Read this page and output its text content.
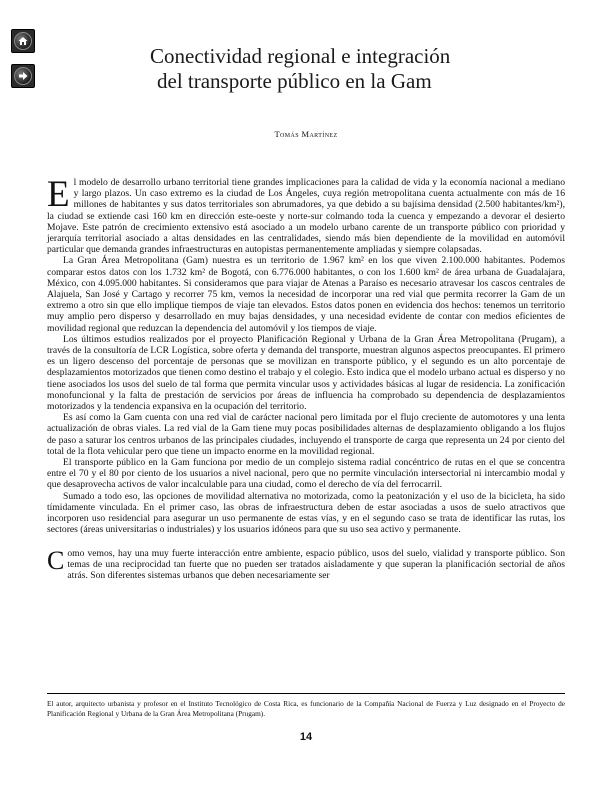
Conectividad regional e integración
del transporte público en la Gam
Tomás Martínez

El modelo de desarrollo urbano territorial tiene grandes implicaciones para la calidad de vida y la economía nacional a mediano y largo plazos. Un caso extremo es la ciudad de Los Ángeles, cuya región metropolitana cuenta actualmente con más de 16 millones de habitantes y sus datos territoriales son abrumadores, ya que debido a su bajísima densidad (2.500 habitantes/km²), la ciudad se extiende casi 160 km en dirección este-oeste y norte-sur colmando toda la cuenca y empezando a devorar el desierto Mojave. Este patrón de crecimiento extensivo está asociado a un modelo urbano carente de un transporte público con prioridad y jerarquía territorial asociado a altas densidades en las centralidades, siendo más bien dependiente de la movilidad en automóvil particular que demanda grandes infraestructuras en autopistas permanentemente ampliadas y siempre colapsadas.

La Gran Área Metropolitana (Gam) nuestra es un territorio de 1.967 km² en los que viven 2.100.000 habitantes. Podemos comparar estos datos con los 1.732 km² de Bogotá, con 6.776.000 habitantes, o con los 1.600 km² de área urbana de Guadalajara, México, con 4.095.000 habitantes. Si consideramos que para viajar de Atenas a Paraíso es necesario atravesar los cascos centrales de Alajuela, San José y Cartago y recorrer 75 km, vemos la necesidad de incorporar una red vial que permita recorrer la Gam de un extremo a otro sin que ello implique tiempos de viaje tan elevados. Estos datos ponen en evidencia dos hechos: tenemos un territorio muy amplio pero disperso y desarrollado en muy bajas densidades, y una necesidad evidente de contar con medios eficientes de movilidad regional que reduzcan la dependencia del automóvil y los tiempos de viaje.

Los últimos estudios realizados por el proyecto Planificación Regional y Urbana de la Gran Área Metropolitana (Prugam), a través de la consultoría de LCR Logística, sobre oferta y demanda del transporte, muestran algunos aspectos preocupantes. El primero es un ligero descenso del porcentaje de personas que se movilizan en transporte público, y el segundo es un alto porcentaje de desplazamientos motorizados que tienen como destino el trabajo y el colegio. Esto indica que el modelo urbano actual es disperso y no tiene asociados los usos del suelo de tal forma que permita vincular usos y actividades básicas al lugar de residencia. La zonificación monofuncional y la falta de prestación de servicios por áreas de influencia ha comprobado su dependencia de desplazamientos motorizados y la tendencia expansiva en la ocupación del territorio.

Es así como la Gam cuenta con una red vial de carácter nacional pero limitada por el flujo creciente de automotores y una lenta actualización de obras viales. La red vial de la Gam tiene muy pocas posibilidades alternas de desplazamiento obligando a los flujos de paso a saturar los centros urbanos de las principales ciudades, incluyendo el transporte de carga que representa un 24 por ciento del total de la flota vehicular pero que tiene un impacto enorme en la movilidad regional.

El transporte público en la Gam funciona por medio de un complejo sistema radial concéntrico de rutas en el que se concentra entre el 70 y el 80 por ciento de los usuarios a nivel nacional, pero que no permite vinculación intersectorial ni intercambio modal y que desaprovecha activos de valor incalculable para una ciudad, como el derecho de vía del ferrocarril.

Sumado a todo eso, las opciones de movilidad alternativa no motorizada, como la peatonización y el uso de la bicicleta, ha sido tímidamente vinculada. En el primer caso, las obras de infraestructura deben de estar asociadas a usos de suelo atractivos que incorporen uso residencial para asegurar un uso permanente de estas vías, y en el segundo caso se trata de identificar las rutas, los sectores (áreas universitarias o industriales) y los usuarios idóneos para que su uso sea activo y permanente.

Como vemos, hay una muy fuerte interacción entre ambiente, espacio público, usos del suelo, vialidad y transporte público. Son temas de una reciprocidad tan fuerte que no pueden ser tratados aisladamente y que superan la planificación sectorial de años atrás. Son diferentes sistemas urbanos que deben necesariamente ser

El autor, arquitecto urbanista y profesor en el Instituto Tecnológico de Costa Rica, es funcionario de la Compañía Nacional de Fuerza y Luz designado en el Proyecto de Planificación Regional y Urbana de la Gran Área Metropolitana (Prugam).
14
